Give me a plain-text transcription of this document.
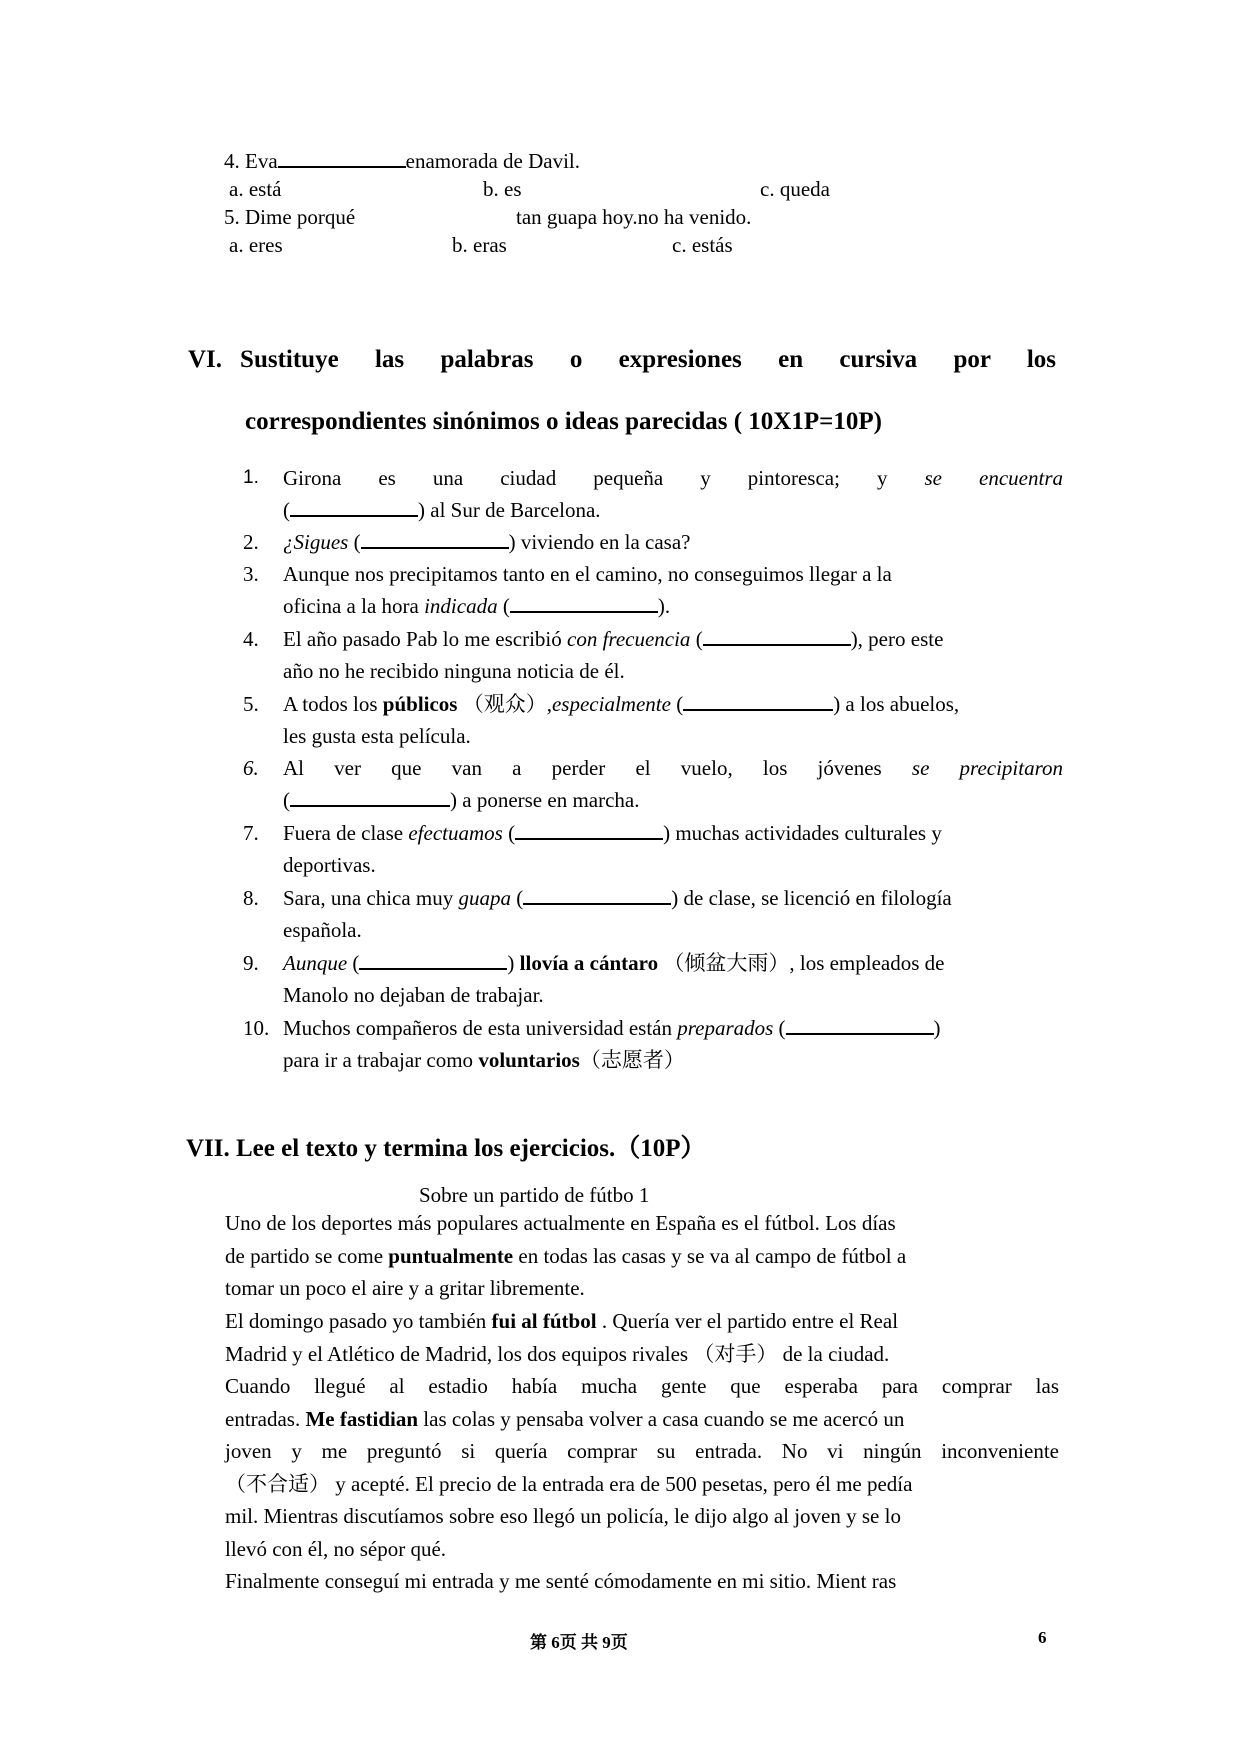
4. Eva	enamorada de Davil.
a. está	b. es	c. queda
5. Dime porqué	tan guapa hoy.no ha venido.
a. eres	b. eras	c. estás
VI. Sustituye las palabras o expresiones en cursiva por los
correspondientes sinónimos o ideas parecidas ( 10X1P=10P)
1.	Girona es una ciudad pequeña y pintoresca; y se encuentra
(	) al Sur de Barcelona.
2. ¿Sigues (	) viviendo en la casa?
3. Aunque nos precipitamos tanto en el camino, no conseguimos llegar a la
oficina a la hora indicada (	).
4. El año pasado Pab lo me escribió con frecuencia (	), pero este
año no he recibido ninguna noticia de él.
5. A todos los públicos （观众）,especialmente (	) a los abuelos,
les gusta esta película.
6.	Al ver que van a perder el vuelo, los jóvenes se precipitaron
(	) a ponerse en marcha.
7. Fuera de clase efectuamos (	) muchas actividades culturales y
deportivas.
8. Sara, una chica muy guapa (	) de clase, se licenció en filología
española.
9. Aunque (	) llovía a cántaro （倾盆大雨）, los empleados de
Manolo no dejaban de trabajar.
10. Muchos compañeros de esta universidad están preparados (	)
para ir a trabajar como voluntarios（志愿者）
VII. Lee el texto y termina los ejercicios.（10P）
Sobre un partido de fútbo 1
Uno de los deportes más populares actualmente en España es el fútbol. Los días
de partido se come puntualmente en todas las casas y se va al campo de fútbol a
tomar un poco el aire y a gritar libremente.
El domingo pasado yo también fui al fútbol . Quería ver el partido entre el Real
Madrid y el Atlético de Madrid, los dos equipos rivales （对手） de la ciudad.
Cuando llegué al estadio había mucha gente que esperaba para comprar las
entradas. Me fastidian las colas y pensaba volver a casa cuando se me acercó un
joven y me preguntó si quería comprar su entrada. No vi ningún inconveniente
（不合适） y acepté. El precio de la entrada era de 500 pesetas, pero él me pedía
mil. Mientras discutíamos sobre eso llegó un policía, le dijo algo al joven y se lo
llevó con él, no sépor qué.
Finalmente conseguí mi entrada y me senté cómodamente en mi sitio. Mient ras
第 6页 共 9页	6
